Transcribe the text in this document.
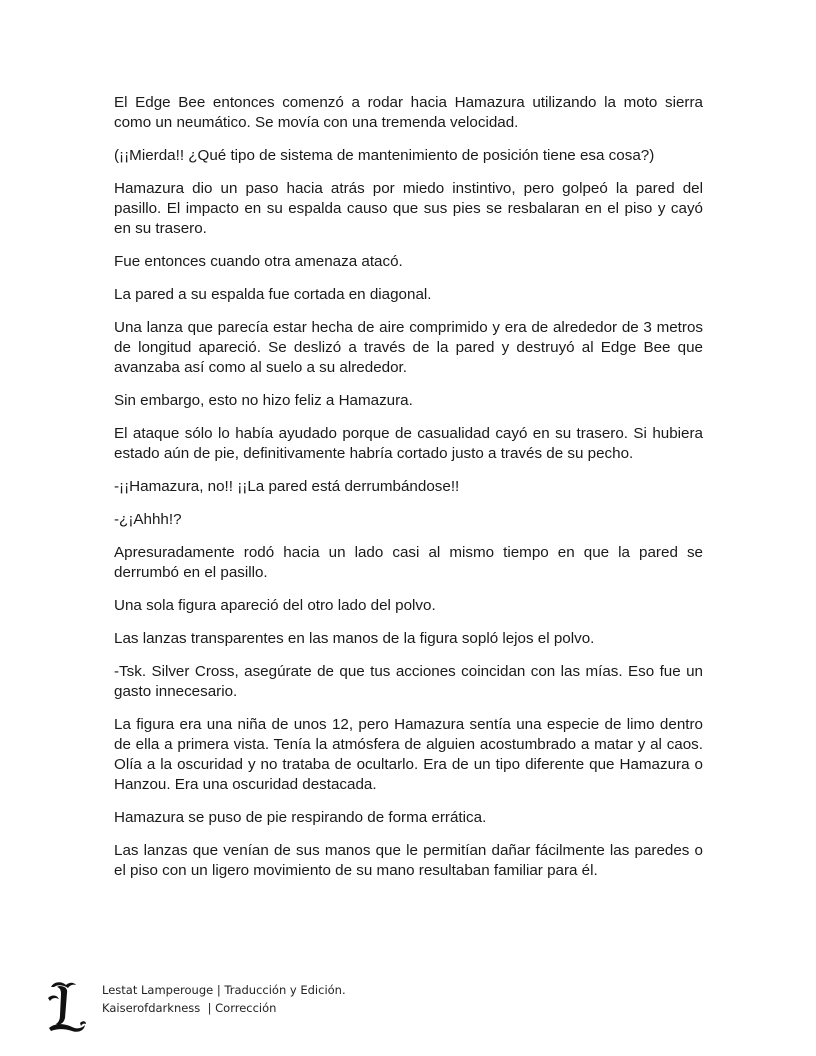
El Edge Bee entonces comenzó a rodar hacia Hamazura utilizando la moto sierra como un neumático. Se movía con una tremenda velocidad.

(¡¡Mierda!! ¿Qué tipo de sistema de mantenimiento de posición tiene esa cosa?)

Hamazura dio un paso hacia atrás por miedo instintivo, pero golpeó la pared del pasillo. El impacto en su espalda causo que sus pies se resbalaran en el piso y cayó en su trasero.

Fue entonces cuando otra amenaza atacó.

La pared a su espalda fue cortada en diagonal.

Una lanza que parecía estar hecha de aire comprimido y era de alrededor de 3 metros de longitud apareció. Se deslizó a través de la pared y destruyó al Edge Bee que avanzaba así como al suelo a su alrededor.

Sin embargo, esto no hizo feliz a Hamazura.

El ataque sólo lo había ayudado porque de casualidad cayó en su trasero. Si hubiera estado aún de pie, definitivamente habría cortado justo a través de su pecho.

-¡¡Hamazura, no!! ¡¡La pared está derrumbándose!!

-¿¡Ahhh!?

Apresuradamente rodó hacia un lado casi al mismo tiempo en que la pared se derrumbó en el pasillo.

Una sola figura apareció del otro lado del polvo.

Las lanzas transparentes en las manos de la figura sopló lejos el polvo.

-Tsk. Silver Cross, asegúrate de que tus acciones coincidan con las mías. Eso fue un gasto innecesario.

La figura era una niña de unos 12, pero Hamazura sentía una especie de limo dentro de ella a primera vista. Tenía la atmósfera de alguien acostumbrado a matar y al caos. Olía a la oscuridad y no trataba de ocultarlo. Era de un tipo diferente que Hamazura o Hanzou. Era una oscuridad destacada.

Hamazura se puso de pie respirando de forma errática.

Las lanzas que venían de sus manos que le permitían dañar fácilmente las paredes o el piso con un ligero movimiento de su mano resultaban familiar para él.

Lestat Lamperouge | Traducción y Edición.
Kaiserofdarkness  | Corrección
